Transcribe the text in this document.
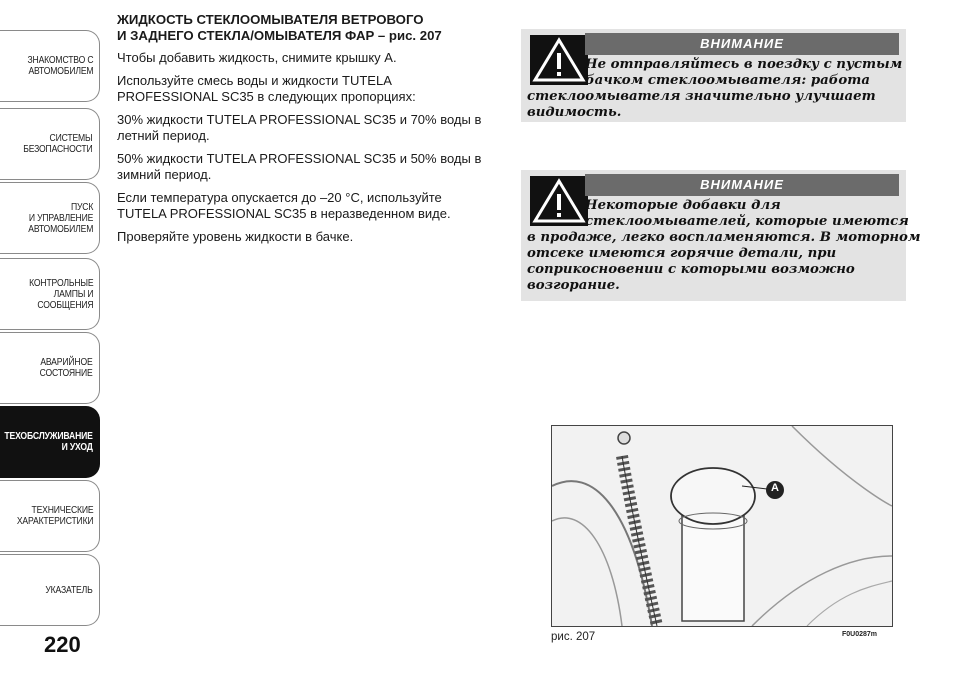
ЗНАКОМСТВО С
АВТОМОБИЛЕМ
СИСТЕМЫ
БЕЗОПАСНОСТИ
ПУСК
И УПРАВЛЕНИЕ
АВТОМОБИЛЕМ
КОНТРОЛЬНЫЕ
ЛАМПЫ И
СООБЩЕНИЯ
АВАРИЙНОЕ
СОСТОЯНИЕ
ТЕХОБСЛУЖИВАНИЕ
И УХОД
ТЕХНИЧЕСКИЕ
ХАРАКТЕРИСТИКИ
УКАЗАТЕЛЬ
220
ЖИДКОСТЬ СТЕКЛООМЫВАТЕЛЯ ВЕТРОВОГО
И ЗАДНЕГО СТЕКЛА/ОМЫВАТЕЛЯ ФАР – рис. 207

Чтобы добавить жидкость, снимите крышку A.

Используйте смесь воды и жидкости TUTELA PROFESSIONAL SC35 в следующих пропорциях:

30% жидкости TUTELA PROFESSIONAL SC35 и 70% воды в летний период.

50% жидкости TUTELA PROFESSIONAL SC35 и 50% воды в зимний период.

Если температура опускается до –20 °С, используйте TUTELA PROFESSIONAL SC35 в неразведенном виде.

Проверяйте уровень жидкости в бачке.

ВНИМАНИЕ
Не отправляйтесь в поездку с пустым
бачком стеклоомывателя: работа
стеклоомывателя значительно улучшает
видимость.
ВНИМАНИЕ
Некоторые добавки для
стеклоомывателей, которые имеются
в продаже, легко воспламеняются. В моторном
отсеке имеются горячие детали, при
соприкосновении с которыми возможно
возгорание.
A
рис. 207	F0U0287m
